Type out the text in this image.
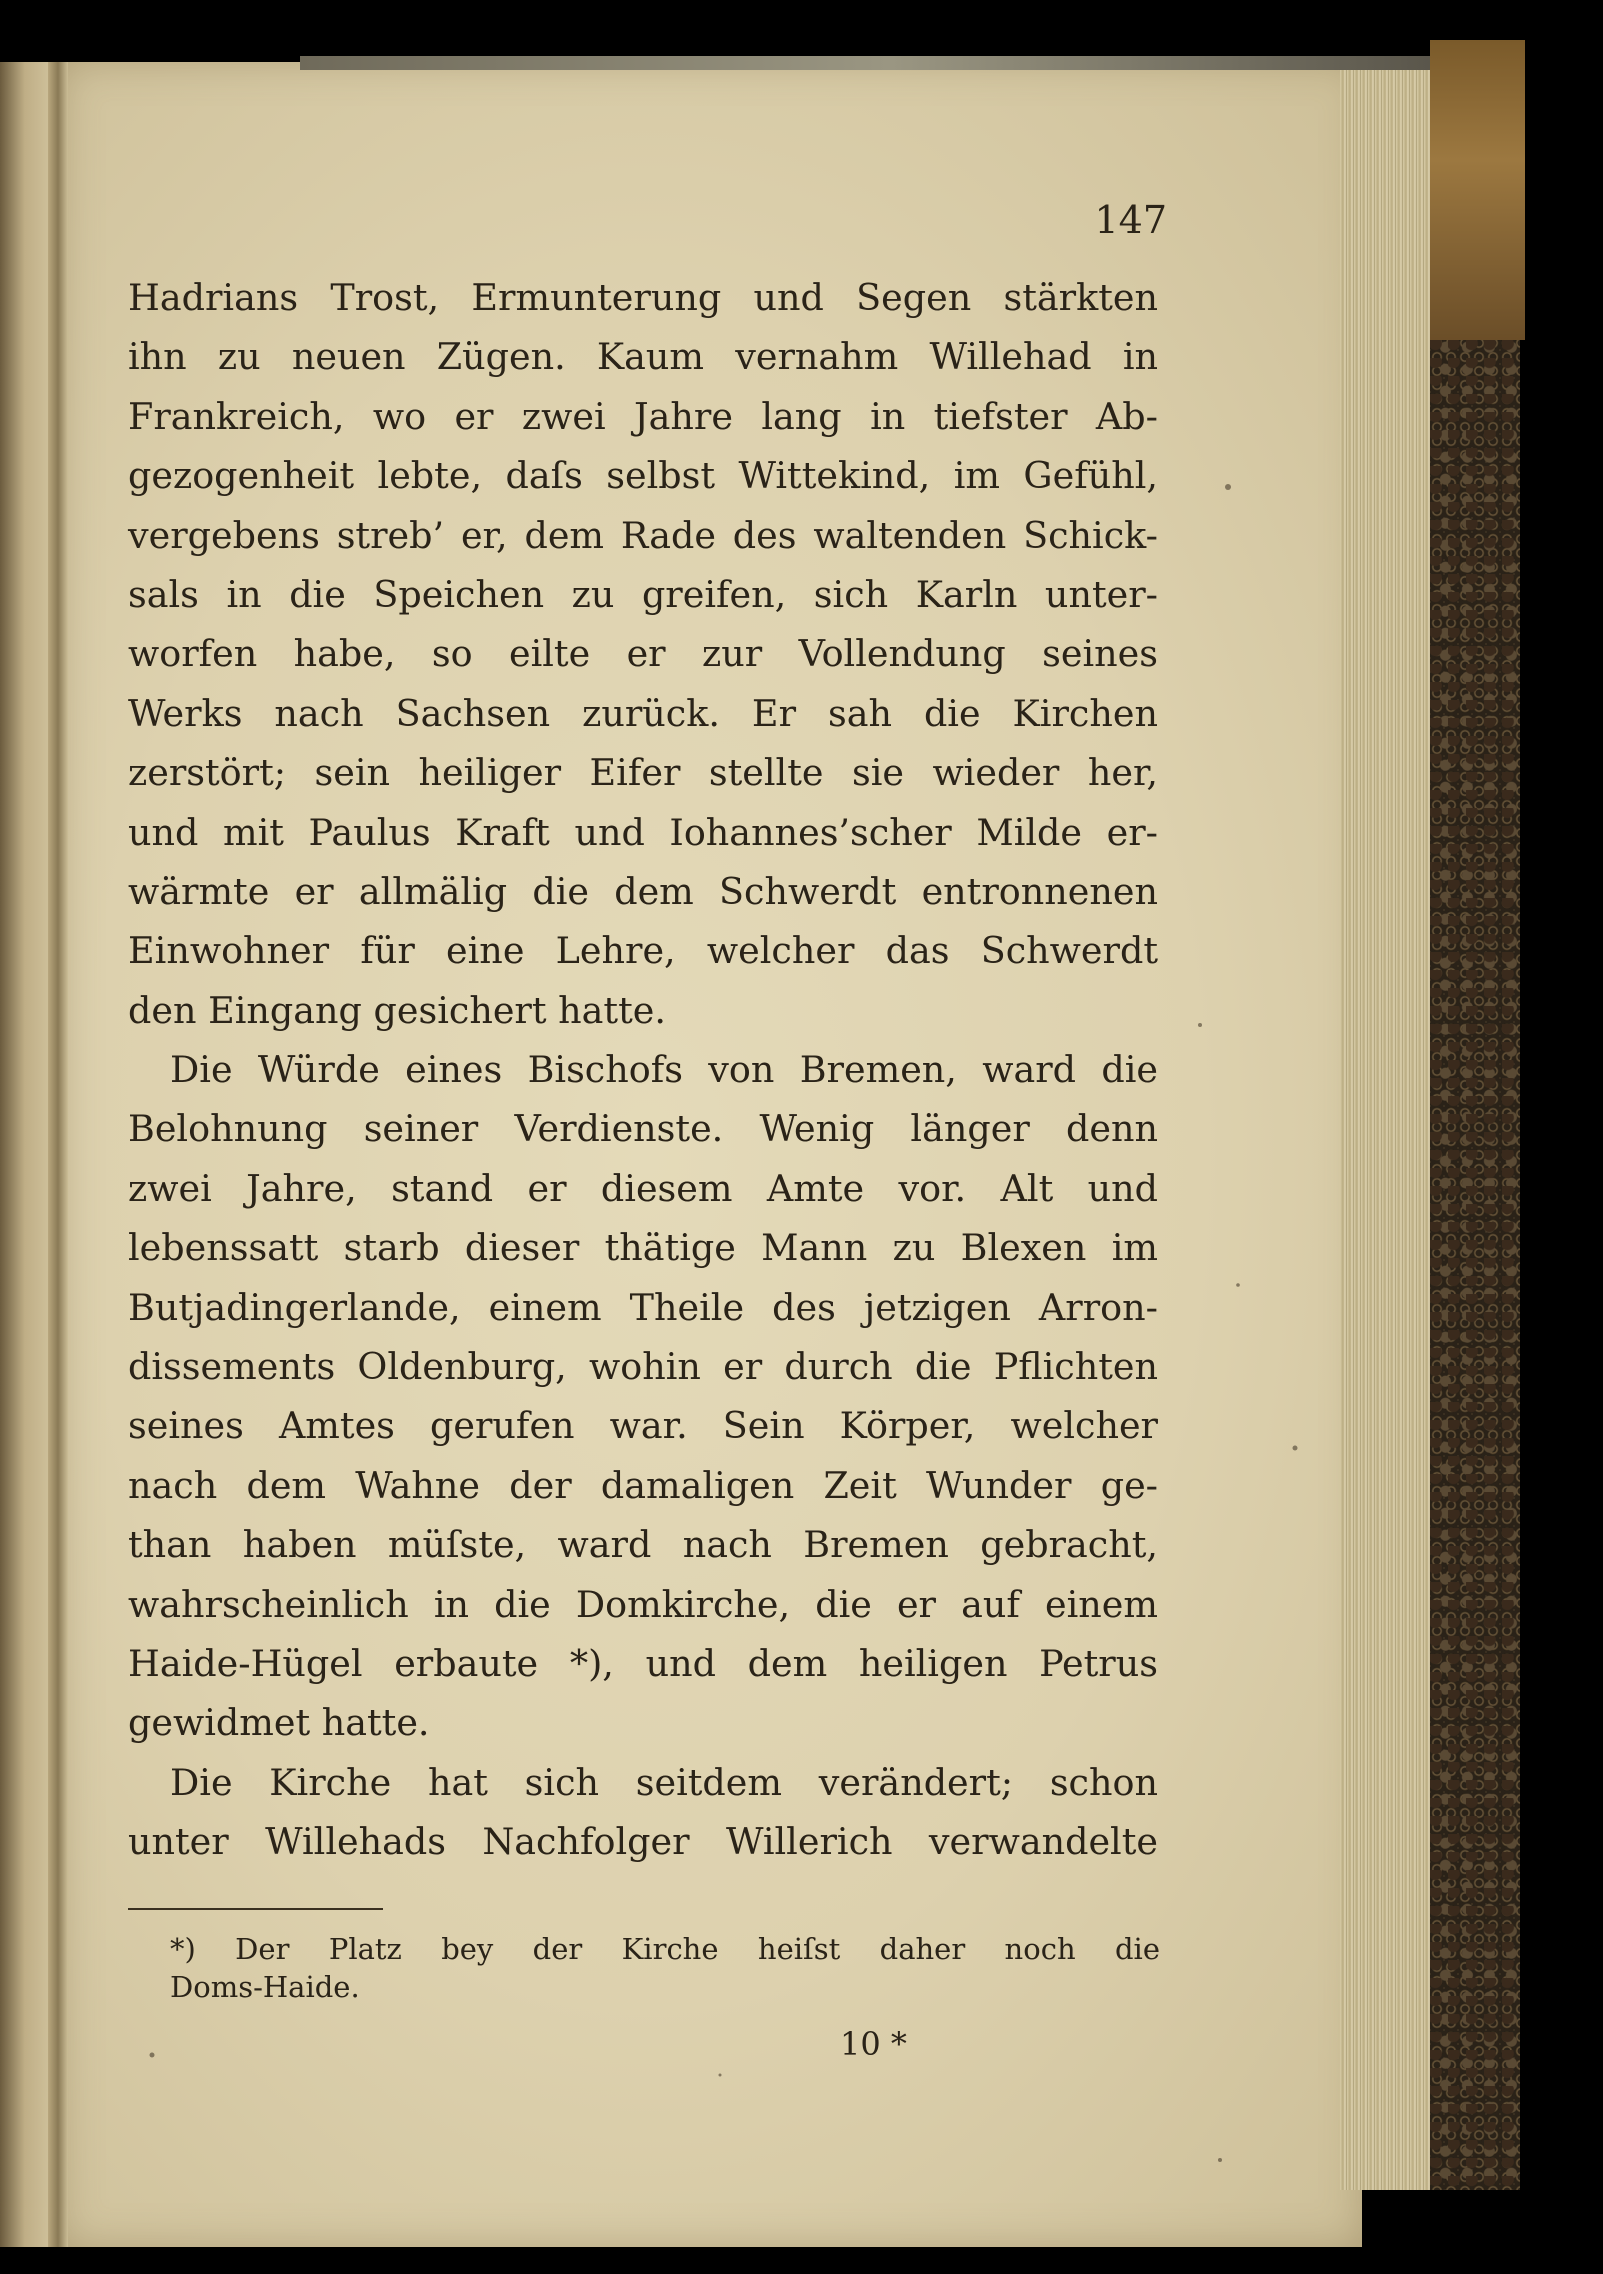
147
Hadrians Trost, Ermunterung und Segen stärkten
ihn zu neuen Zügen. Kaum vernahm Willehad in
Frankreich, wo er zwei Jahre lang in tiefster Ab-
gezogenheit lebte, daſs selbst Wittekind, im Gefühl,
vergebens streb’ er, dem Rade des waltenden Schick-
sals in die Speichen zu greifen, sich Karln unter-
worfen habe, so eilte er zur Vollendung seines
Werks nach Sachsen zurück. Er sah die Kirchen
zerstört; sein heiliger Eifer stellte sie wieder her,
und mit Paulus Kraft und Iohannes’scher Milde er-
wärmte er allmälig die dem Schwerdt entronnenen
Einwohner für eine Lehre, welcher das Schwerdt
den Eingang gesichert hatte.
Die Würde eines Bischofs von Bremen, ward die
Belohnung seiner Verdienste. Wenig länger denn
zwei Jahre, stand er diesem Amte vor. Alt und
lebenssatt starb dieser thätige Mann zu Blexen im
Butjadingerlande, einem Theile des jetzigen Arron-
dissements Oldenburg, wohin er durch die Pflichten
seines Amtes gerufen war. Sein Körper, welcher
nach dem Wahne der damaligen Zeit Wunder ge-
than haben müſste, ward nach Bremen gebracht,
wahrscheinlich in die Domkirche, die er auf einem
Haide-Hügel erbaute *), und dem heiligen Petrus
gewidmet hatte.
Die Kirche hat sich seitdem verändert; schon
unter Willehads Nachfolger Willerich verwandelte
*) Der Platz bey der Kirche heiſst daher noch die
Doms-Haide.
10 *
